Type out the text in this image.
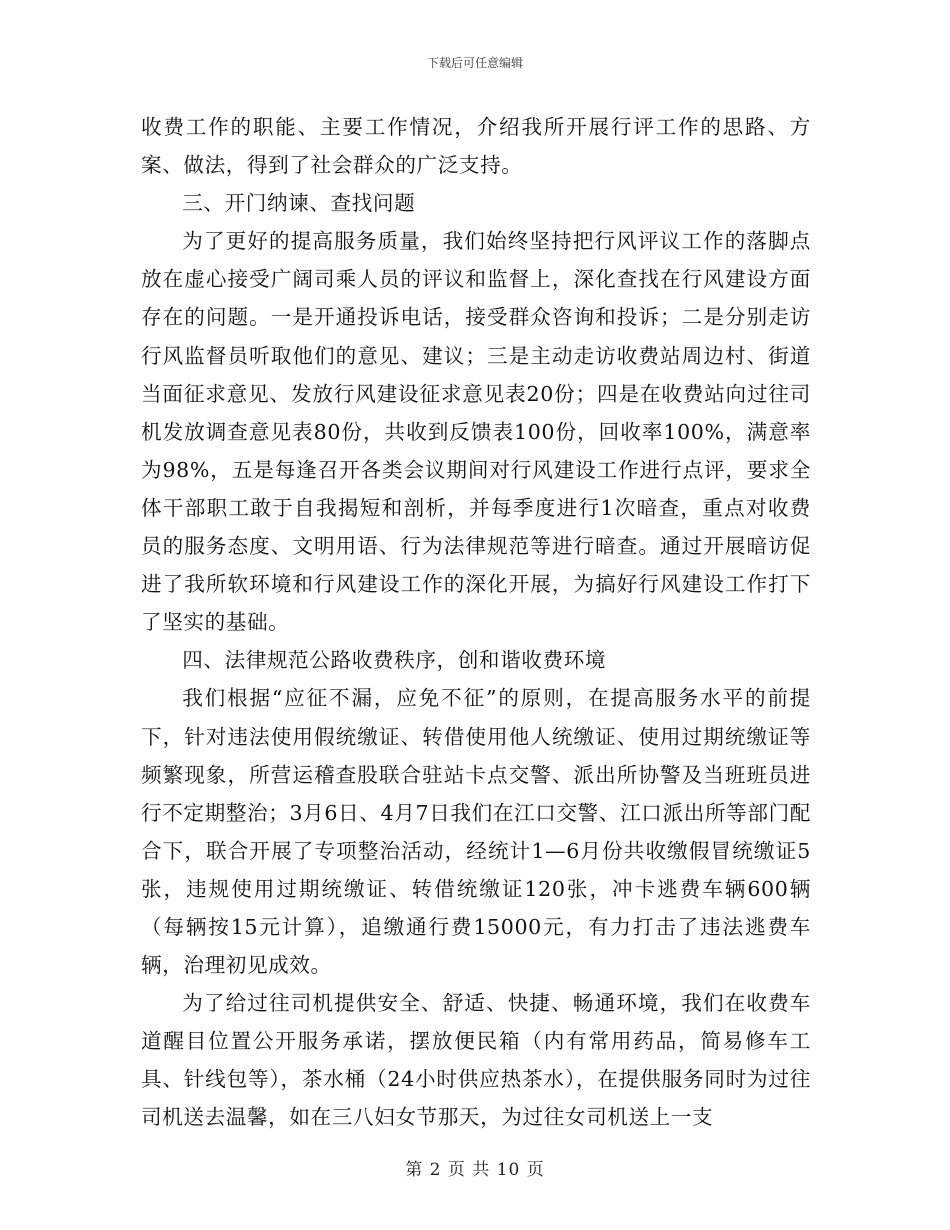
下载后可任意编辑

收费工作的职能、主要工作情况，介绍我所开展行评工作的思路、方案、做法，得到了社会群众的广泛支持。

三、开门纳谏、查找问题

为了更好的提高服务质量，我们始终坚持把行风评议工作的落脚点放在虚心接受广阔司乘人员的评议和监督上，深化查找在行风建设方面存在的问题。一是开通投诉电话，接受群众咨询和投诉；二是分别走访行风监督员听取他们的意见、建议；三是主动走访收费站周边村、街道当面征求意见、发放行风建设征求意见表20份；四是在收费站向过往司机发放调查意见表80份，共收到反馈表100份，回收率100%，满意率为98%，五是每逢召开各类会议期间对行风建设工作进行点评，要求全体干部职工敢于自我揭短和剖析，并每季度进行1次暗查，重点对收费员的服务态度、文明用语、行为法律规范等进行暗查。通过开展暗访促进了我所软环境和行风建设工作的深化开展，为搞好行风建设工作打下了坚实的基础。

四、法律规范公路收费秩序，创和谐收费环境

我们根据“应征不漏，应免不征”的原则，在提高服务水平的前提下，针对违法使用假统缴证、转借使用他人统缴证、使用过期统缴证等频繁现象，所营运稽查股联合驻站卡点交警、派出所协警及当班班员进行不定期整治；3月6日、4月7日我们在江口交警、江口派出所等部门配合下，联合开展了专项整治活动，经统计1—6月份共收缴假冒统缴证5张，违规使用过期统缴证、转借统缴证120张，冲卡逃费车辆600辆（每辆按15元计算），追缴通行费15000元，有力打击了违法逃费车辆，治理初见成效。

为了给过往司机提供安全、舒适、快捷、畅通环境，我们在收费车道醒目位置公开服务承诺，摆放便民箱（内有常用药品，简易修车工具、针线包等），茶水桶（24小时供应热茶水），在提供服务同时为过往司机送去温馨，如在三八妇女节那天，为过往女司机送上一支

第 2 页 共 10 页
